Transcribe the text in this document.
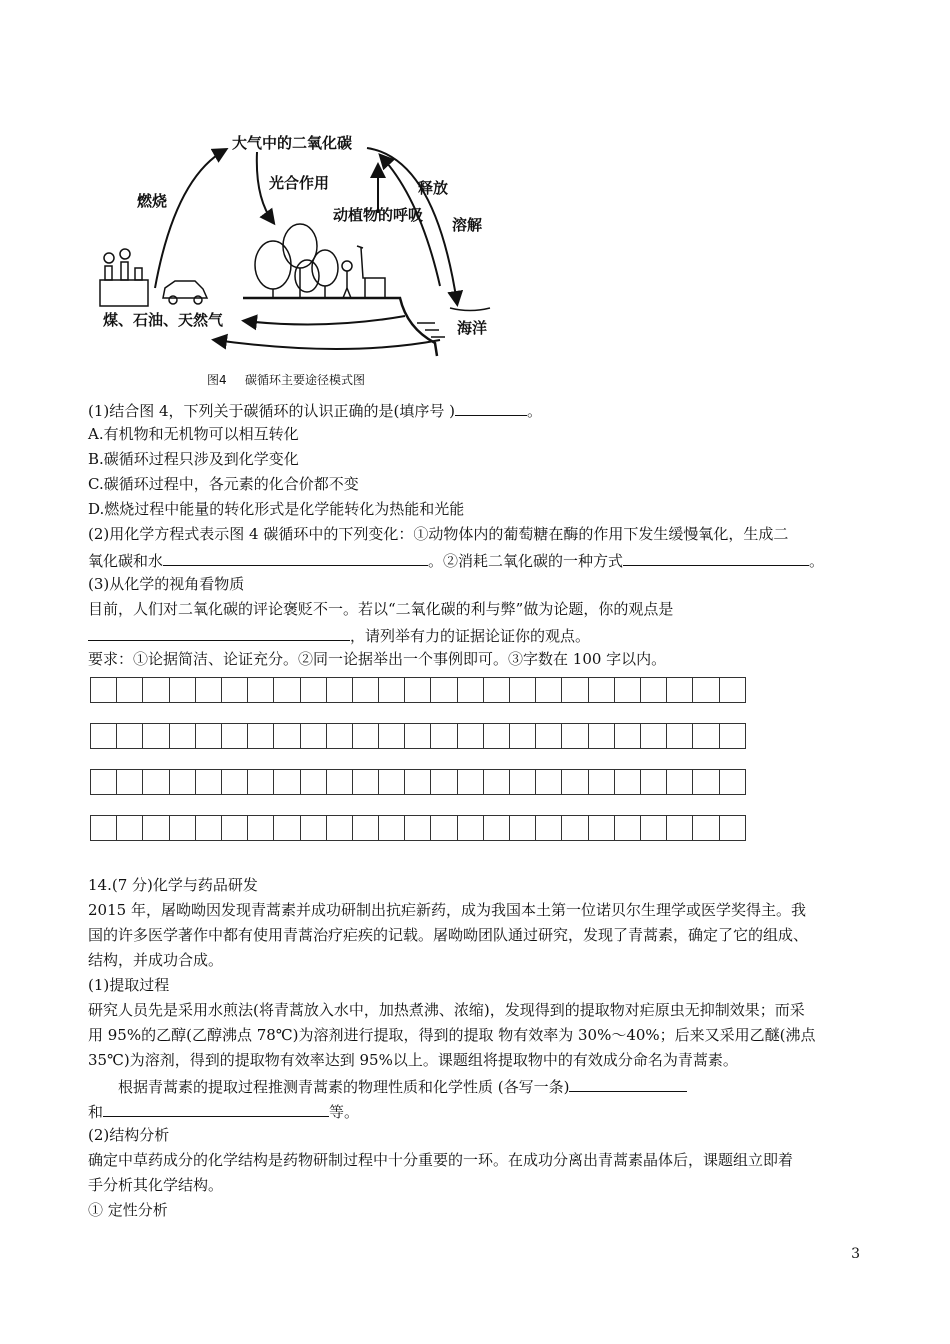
大气中的二氧化碳
燃烧
光合作用	释放
动植物的呼吸
溶解
煤、石油、天然气	海洋
图4 碳循环主要途径模式图
(1)结合图 4，下列关于碳循环的认识正确的是(填序号 )	。
A.有机物和无机物可以相互转化
B.碳循环过程只涉及到化学变化
C.碳循环过程中，各元素的化合价都不变
D.燃烧过程中能量的转化形式是化学能转化为热能和光能
(2)用化学方程式表示图 4 碳循环中的下列变化：①动物体内的葡萄糖在酶的作用下发生缓慢氧化，生成二
氧化碳和水	。②消耗二氧化碳的一种方式	。
(3)从化学的视角看物质
目前，人们对二氧化碳的评论褒贬不一。若以“二氧化碳的利与弊”做为论题，你的观点是
，请列举有力的证据论证你的观点。
要求：①论据简洁、论证充分。②同一论据举出一个事例即可。③字数在 100 字以内。

14.(7 分)化学与药品研发
2015 年，屠呦呦因发现青蒿素并成功研制出抗疟新药，成为我国本土第一位诺贝尔生理学或医学奖得主。我
国的许多医学著作中都有使用青蒿治疗疟疾的记载。屠呦呦团队通过研究，发现了青蒿素，确定了它的组成、
结构，并成功合成。
(1)提取过程
研究人员先是采用水煎法(将青蒿放入水中，加热煮沸、浓缩)，发现得到的提取物对疟原虫无抑制效果；而采
用 95%的乙醇(乙醇沸点 78℃)为溶剂进行提取，得到的提取 物有效率为 30%～40%；后来又采用乙醚(沸点
35℃)为溶剂，得到的提取物有效率达到 95%以上。课题组将提取物中的有效成分命名为青蒿素。
根据青蒿素的提取过程推测青蒿素的物理性质和化学性质 (各写一条)
和	等。
(2)结构分析
确定中草药成分的化学结构是药物研制过程中十分重要的一环。在成功分离出青蒿素晶体后，课题组立即着
手分析其化学结构。
① 定性分析
3
